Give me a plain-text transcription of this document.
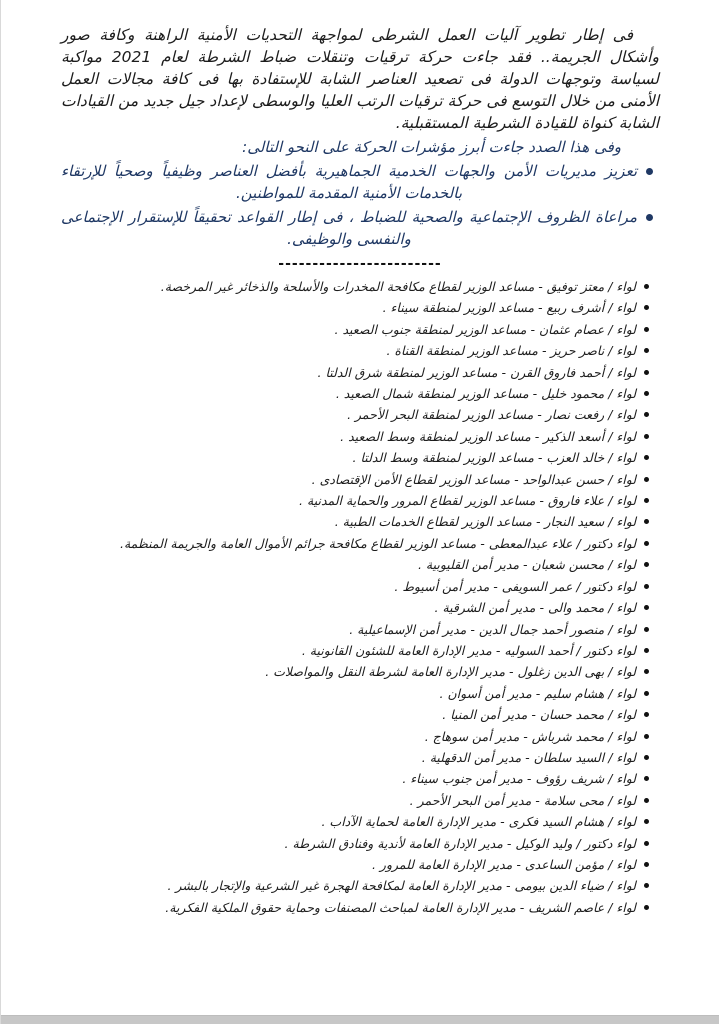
فى إطار تطوير آليات العمل الشرطى لمواجهة التحديات الأمنية الراهنة وكافة صور وأشكال الجريمة.. فقد جاءت حركة ترقيات وتنقلات ضباط الشرطة لعام 2021 مواكبة لسياسة وتوجهات الدولة فى تصعيد العناصر الشابة للإستفادة بها فى كافة مجالات العمل الأمنى من خلال التوسع فى حركة ترقيات الرتب العليا والوسطى لإعداد جيل جديد من القيادات الشابة كنواة للقيادة الشرطية المستقبلية.

وفى هذا الصدد جاءت أبرز مؤشرات الحركة على النحو التالى:

تعزيز مديريات الأمن والجهات الخدمية الجماهيرية بأفضل العناصر وظيفياً وصحياً للإرتقاء بالخدمات الأمنية المقدمة للمواطنين.
مراعاة الظروف الإجتماعية والصحية للضباط ، فى إطار القواعد تحقيقاً للإستقرار الإجتماعى والنفسى والوظيفى.
------------------------
لواء / معتز توفيق - مساعد الوزير لقطاع مكافحة المخدرات والأسلحة والذخائر غير المرخصة.
لواء / أشرف ربيع - مساعد الوزير لمنطقة سيناء .
لواء / عصام عثمان - مساعد الوزير لمنطقة جنوب الصعيد .
لواء / ناصر حريز - مساعد الوزير لمنطقة القناة .
لواء / أحمد فاروق القرن - مساعد الوزير لمنطقة شرق الدلتا .
لواء / محمود خليل - مساعد الوزير لمنطقة شمال الصعيد .
لواء / رفعت نصار - مساعد الوزير لمنطقة البحر الأحمر .
لواء / أسعد الذكير - مساعد الوزير لمنطقة وسط الصعيد .
لواء / خالد العزب - مساعد الوزير لمنطقة وسط الدلتا .
لواء / حسن عبدالواحد - مساعد الوزير لقطاع الأمن الإقتصادى .
لواء / علاء فاروق - مساعد الوزير لقطاع المرور والحماية المدنية .
لواء / سعيد النجار - مساعد الوزير لقطاع الخدمات الطبية .
لواء دكتور / علاء عبدالمعطى - مساعد الوزير لقطاع مكافحة جرائم الأموال العامة والجريمة المنظمة.
لواء / محسن شعبان - مدير أمن القليوبية .
لواء دكتور / عمر السويفى - مدير أمن أسيوط .
لواء / محمد والى - مدير أمن الشرقية .
لواء / منصور أحمد جمال الدين - مدير أمن الإسماعيلية .
لواء دكتور / أحمد السوليه - مدير الإدارة العامة للشئون القانونية .
لواء / بهى الدين زغلول - مدير الإدارة العامة لشرطة النقل والمواصلات .
لواء / هشام سليم - مدير أمن أسوان .
لواء / محمد حسان - مدير أمن المنيا .
لواء / محمد شرباش - مدير أمن سوهاج .
لواء / السيد سلطان - مدير أمن الدقهلية .
لواء / شريف رؤوف - مدير أمن جنوب سيناء .
لواء / محى سلامة - مدير أمن البحر الأحمر .
لواء / هشام السيد فكرى - مدير الإدارة العامة لحماية الآداب .
لواء دكتور / وليد الوكيل - مدير الإدارة العامة لأندية وفنادق الشرطة .
لواء / مؤمن الساعدى - مدير الإدارة العامة للمرور .
لواء / ضياء الدين بيومى - مدير الإدارة العامة لمكافحة الهجرة غير الشرعية والإتجار بالبشر .
لواء / عاصم الشريف - مدير الإدارة العامة لمباحث المصنفات وحماية حقوق الملكية الفكرية.
